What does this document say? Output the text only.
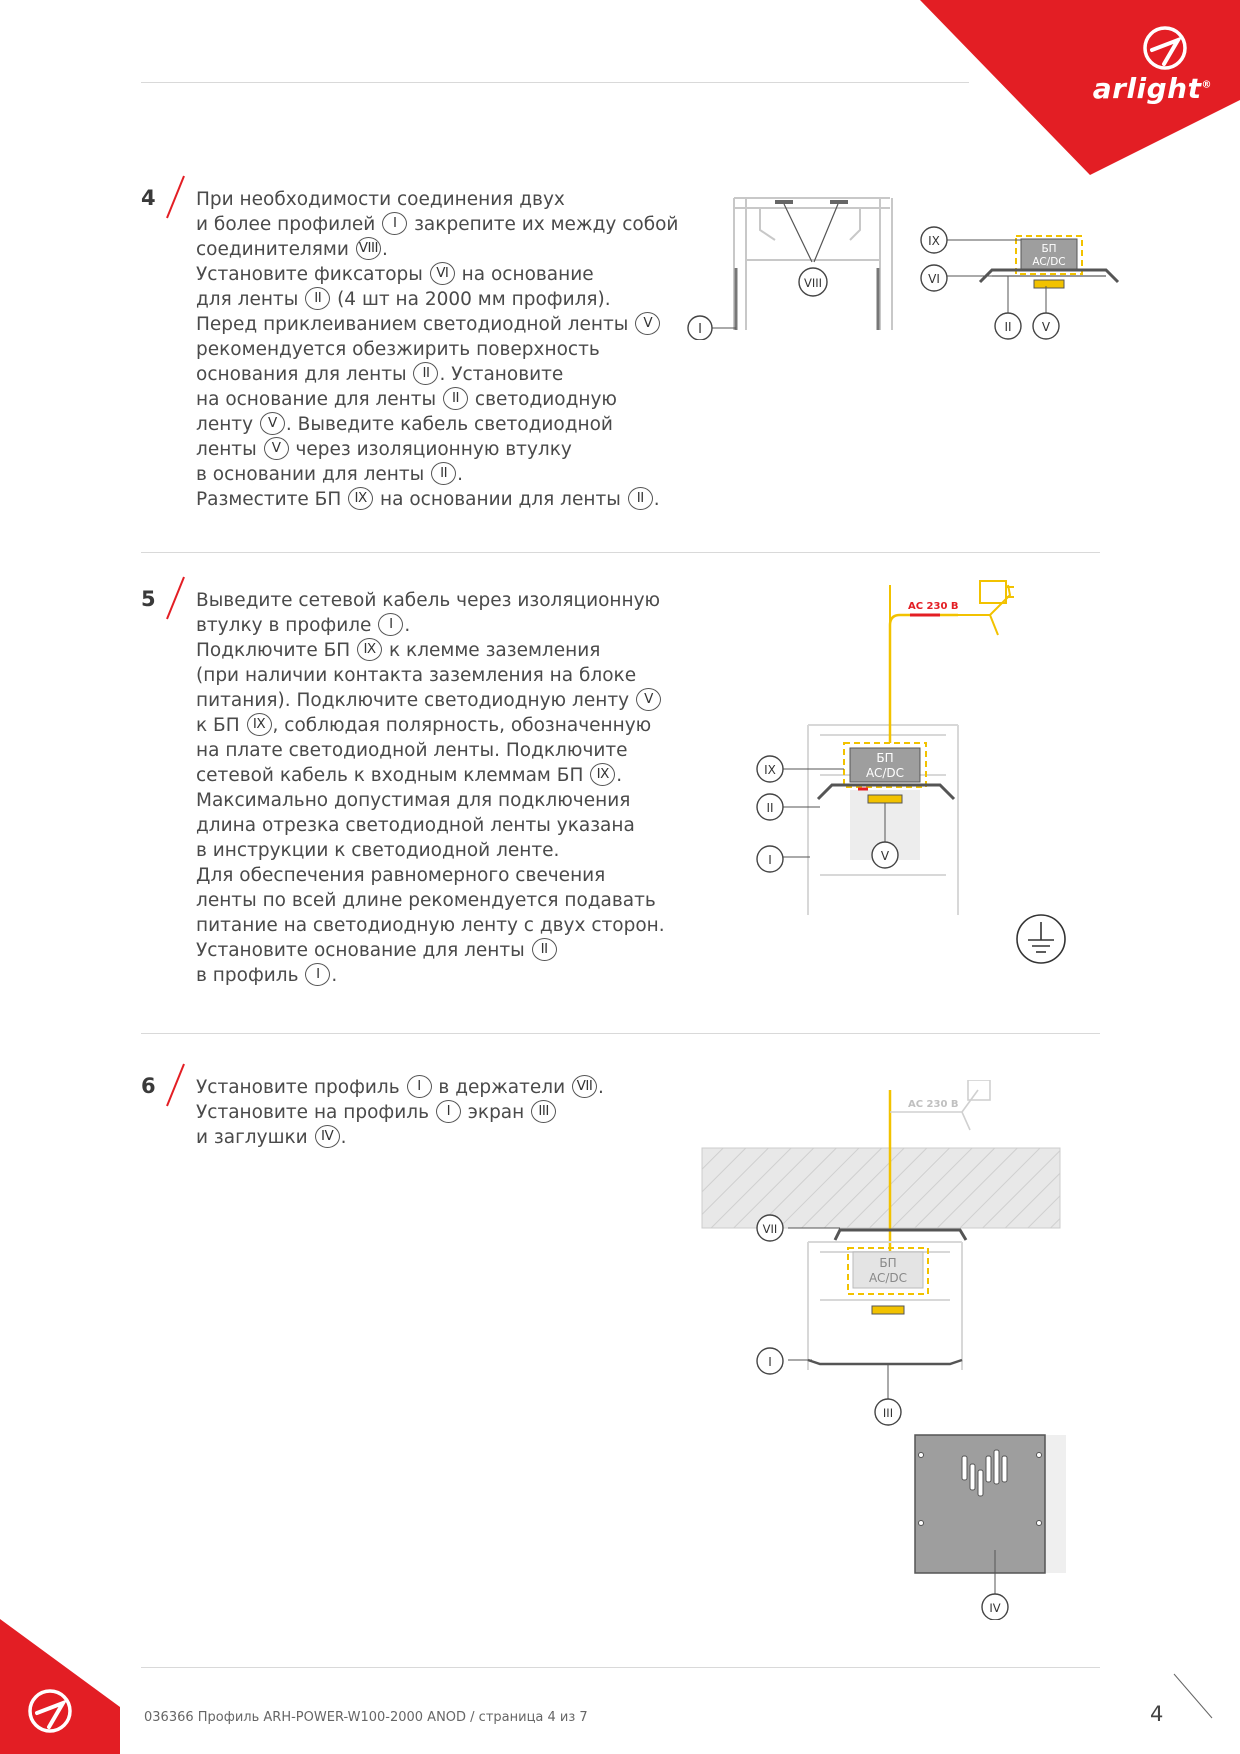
arlight®
4 При необходимости соединения двух
и более профилей I закрепите их между собой
соединителями VIII .
Установите фиксаторы VI на основание
для ленты II (4 шт на 2000 мм профиля).
Перед приклеиванием светодиодной ленты V
рекомендуется обезжирить поверхность
основания для ленты II . Установите
на основание для ленты II светодиодную
ленту V . Выведите кабель светодиодной
ленты V через изоляционную втулку
в основании для ленты II .
Разместите БП IX на основании для ленты II .
5 Выведите сетевой кабель через изоляционную
втулку в профиле I .
Подключите БП IX к клемме заземления
(при наличии контакта заземления на блоке
питания). Подключите светодиодную ленту V
к БП IX , соблюдая полярность, обозначенную
на плате светодиодной ленты. Подключите
сетевой кабель к входным клеммам БП IX .
Максимально допустимая для подключения
длина отрезка светодиодной ленты указана
в инструкции к светодиодной ленте.
Для обеспечения равномерного свечения
ленты по всей длине рекомендуется подавать
питание на светодиодную ленту с двух сторон.
Установите основание для ленты II
в профиль I .
6 Установите профиль I в держатели VII .
Установите на профиль I экран III
и заглушки IV .
I
VIII
БП
AC/DC
IX
VI
II	V
AC 230 В
БП
AC/DC
IX
II
I	V
AC 230 В
БП
AC/DC
VII
I
III
IV
036366 Профиль ARH-POWER-W100-2000 ANOD / страница 4 из 7	4
